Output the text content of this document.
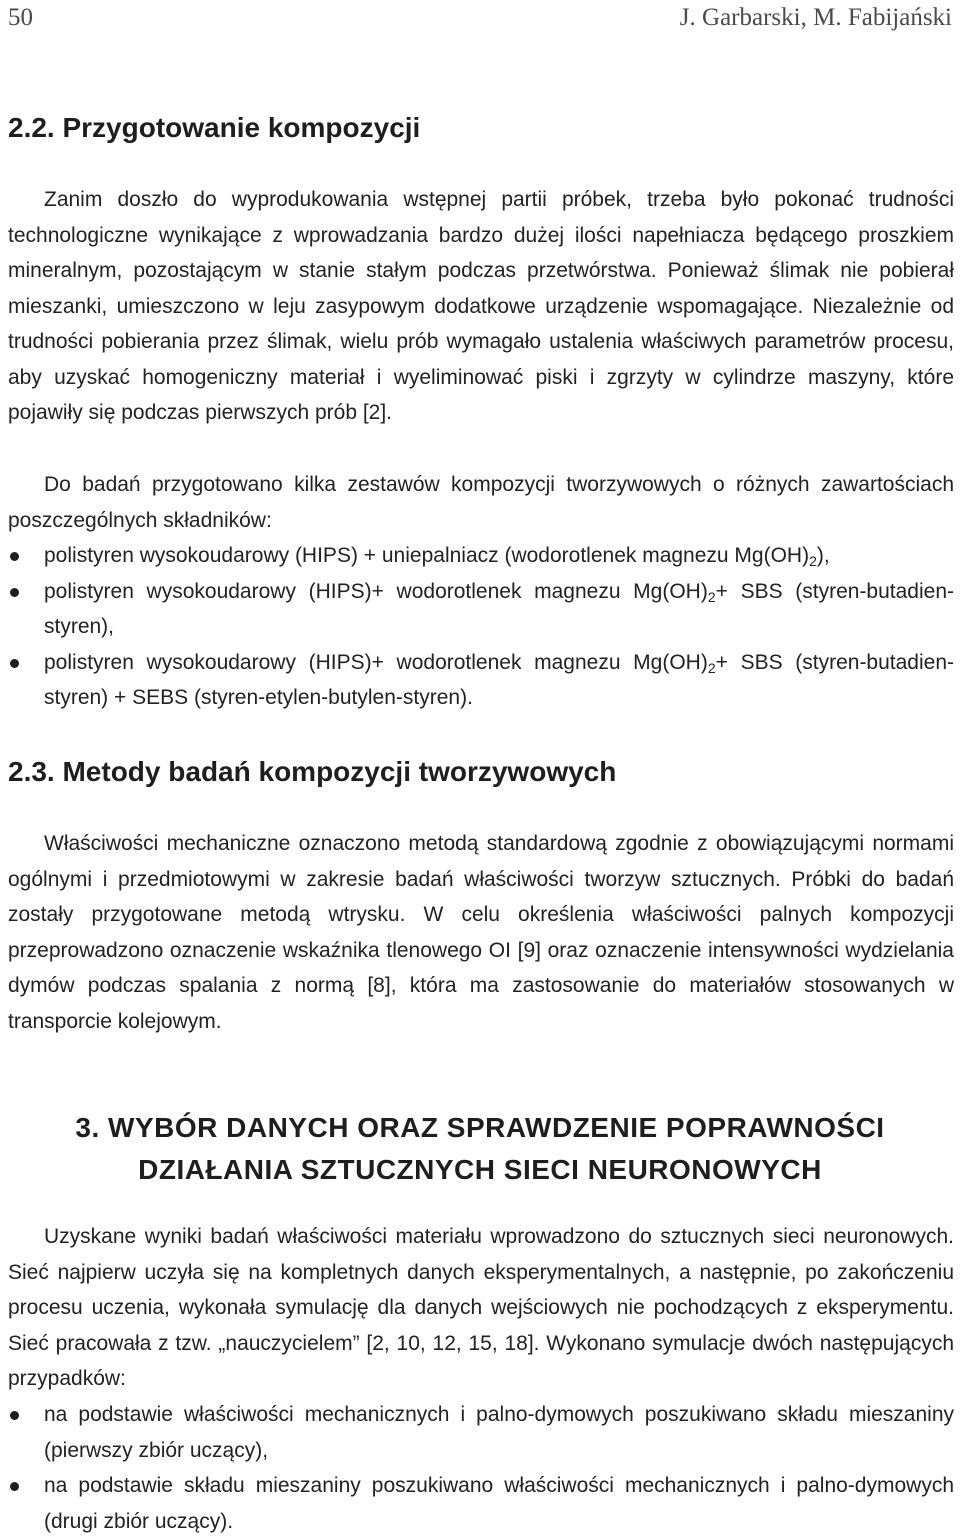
50	J. Garbarski, M. Fabijański
2.2. Przygotowanie kompozycji
Zanim doszło do wyprodukowania wstępnej partii próbek, trzeba było pokonać trudności technologiczne wynikające z wprowadzania bardzo dużej ilości napełniacza będącego proszkiem mineralnym, pozostającym w stanie stałym podczas przetwórstwa. Ponieważ ślimak nie pobierał mieszanki, umieszczono w leju zasypowym dodatkowe urządzenie wspomagające. Niezależnie od trudności pobierania przez ślimak, wielu prób wymagało ustalenia właściwych parametrów procesu, aby uzyskać homogeniczny materiał i wyeliminować piski i zgrzyty w cylindrze maszyny, które pojawiły się podczas pierwszych prób [2].
Do badań przygotowano kilka zestawów kompozycji tworzywowych o różnych zawartościach poszczególnych składników:
polistyren wysokoudarowy (HIPS) + uniepalniacz (wodorotlenek magnezu $Mg(OH)_2$),
polistyren wysokoudarowy (HIPS)+ wodorotlenek magnezu $Mg(OH)_2+$ SBS (styren-butadien-styren),
polistyren wysokoudarowy (HIPS)+ wodorotlenek magnezu $Mg(OH)_2+$ SBS (styren-butadien-styren) + SEBS (styren-etylen-butylen-styren).
2.3. Metody badań kompozycji tworzywowych
Właściwości mechaniczne oznaczono metodą standardową zgodnie z obowiązującymi normami ogólnymi i przedmiotowymi w zakresie badań właściwości tworzyw sztucznych. Próbki do badań zostały przygotowane metodą wtrysku. W celu określenia właściwości palnych kompozycji przeprowadzono oznaczenie wskaźnika tlenowego OI [9] oraz oznaczenie intensywności wydzielania dymów podczas spalania z normą [8], która ma zastosowanie do materiałów stosowanych w transporcie kolejowym.
3. WYBÓR DANYCH ORAZ SPRAWDZENIE POPRAWNOŚCI
DZIAŁANIA SZTUCZNYCH SIECI NEURONOWYCH
Uzyskane wyniki badań właściwości materiału wprowadzono do sztucznych sieci neuronowych. Sieć najpierw uczyła się na kompletnych danych eksperymentalnych, a następnie, po zakończeniu procesu uczenia, wykonała symulację dla danych wejściowych nie pochodzących z eksperymentu. Sieć pracowała z tzw. „nauczycielem” [2, 10, 12, 15, 18]. Wykonano symulacje dwóch następujących przypadków:
na podstawie właściwości mechanicznych i palno-dymowych poszukiwano składu mieszaniny (pierwszy zbiór uczący),
na podstawie składu mieszaniny poszukiwano właściwości mechanicznych i palno-dymowych (drugi zbiór uczący).
